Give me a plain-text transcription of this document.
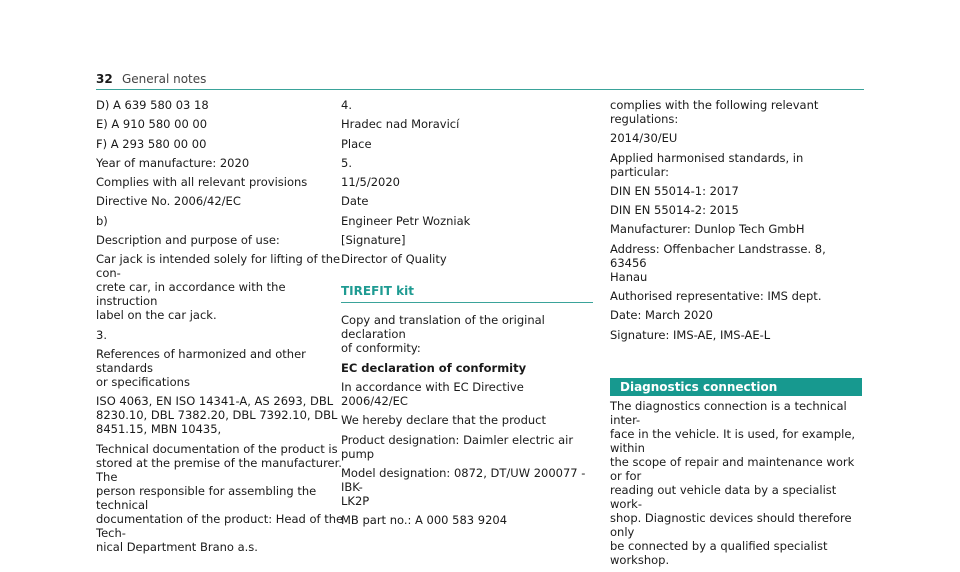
32 General notes
D) A 639 580 03 18
E) A 910 580 00 00
F) A 293 580 00 00
Year of manufacture: 2020
Complies with all relevant provisions
Directive No. 2006/42/EC
b)
Description and purpose of use:
Car jack is intended solely for lifting of the con-
crete car, in accordance with the instruction
label on the car jack.
3.
References of harmonized and other standards
or specifications
ISO 4063, EN ISO 14341-A, AS 2693, DBL
8230.10, DBL 7382.20, DBL 7392.10, DBL
8451.15, MBN 10435,
Technical documentation of the product is
stored at the premise of the manufacturer. The
person responsible for assembling the technical
documentation of the product: Head of the Tech-
nical Department Brano a.s.
4.
Hradec nad Moravicí
Place
5.
11/5/2020
Date
Engineer Petr Wozniak
[Signature]
Director of Quality
TIREFIT kit
Copy and translation of the original declaration
of conformity:
EC declaration of conformity
In accordance with EC Directive 2006/42/EC
We hereby declare that the product
Product designation: Daimler electric air pump
Model designation: 0872, DT/UW 200077 - IBK-
LK2P
MB part no.: A 000 583 9204
complies with the following relevant regulations:
2014/30/EU
Applied harmonised standards, in particular:
DIN EN 55014-1: 2017
DIN EN 55014-2: 2015
Manufacturer: Dunlop Tech GmbH
Address: Offenbacher Landstrasse. 8, 63456
Hanau
Authorised representative: IMS dept.
Date: March 2020
Signature: IMS-AE, IMS-AE-L
Diagnostics connection
The diagnostics connection is a technical inter-
face in the vehicle. It is used, for example, within
the scope of repair and maintenance work or for
reading out vehicle data by a specialist work-
shop. Diagnostic devices should therefore only
be connected by a qualified specialist workshop.
